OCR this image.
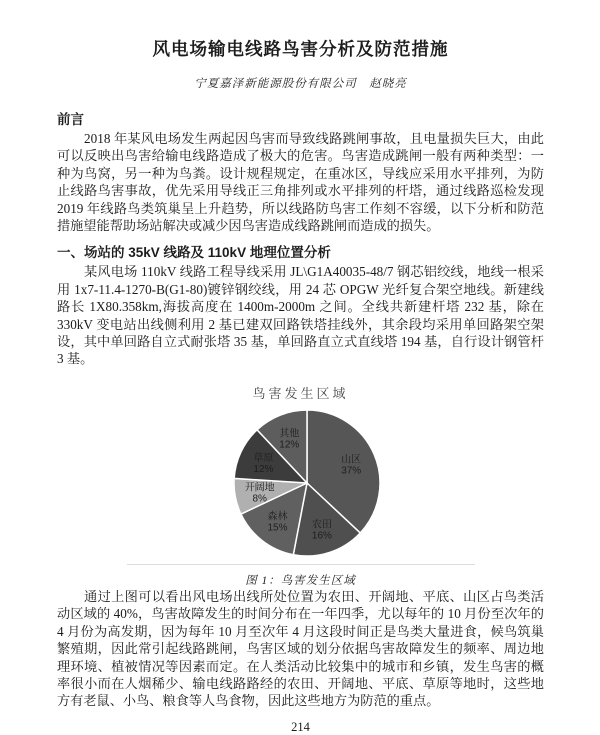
风电场输电线路鸟害分析及防范措施
宁夏嘉泽新能源股份有限公司　赵晓亮
前言

2018 年某风电场发生两起因鸟害而导致线路跳闸事故，且电量损失巨大，由此可以反映出鸟害给输电线路造成了极大的危害。鸟害造成跳闸一般有两种类型：一种为鸟窝，另一种为鸟粪。设计规程规定，在重冰区，导线应采用水平排列，为防止线路鸟害事故，优先采用导线正三角排列或水平排列的杆塔，通过线路巡检发现 2019 年线路鸟类筑巢呈上升趋势，所以线路防鸟害工作刻不容缓，以下分析和防范措施望能帮助场站解决或减少因鸟害造成线路跳闸而造成的损失。

一、场站的 35kV 线路及 110kV 地理位置分析

某风电场 110kV 线路工程导线采用 JL\G1A40035-48/7 钢芯铝绞线，地线一根采用 1x7-11.4-1270-B(G1-80)镀锌钢绞线，用 24 芯 OPGW 光纤复合架空地线。新建线路长 1X80.358km,海拔高度在 1400m-2000m 之间。全线共新建杆塔 232 基，除在 330kV 变电站出线侧利用 2 基已建双回路铁塔挂线外，其余段均采用单回路架空架设，其中单回路自立式耐张塔 35 基，单回路直立式直线塔 194 基，自行设计钢管杆 3 基。

鸟害发生区域
山区
37%
农田
16%
森林
15%
开阔地
8%
草原
12%
其他
12%
图 1：鸟害发生区域

通过上图可以看出风电场出线所处位置为农田、开阔地、平底、山区占鸟类活动区域的 40%，鸟害故障发生的时间分布在一年四季，尤以每年的 10 月份至次年的 4 月份为高发期，因为每年 10 月至次年 4 月这段时间正是鸟类大量进食，候鸟筑巢繁殖期，因此常引起线路跳闸，鸟害区域的划分依据鸟害故障发生的频率、周边地理环境、植被情况等因素而定。在人类活动比较集中的城市和乡镇，发生鸟害的概率很小而在人烟稀少、输电线路路经的农田、开阔地、平底、草原等地时，这些地方有老鼠、小鸟、粮食等人鸟食物，因此这些地方为防范的重点。

214
